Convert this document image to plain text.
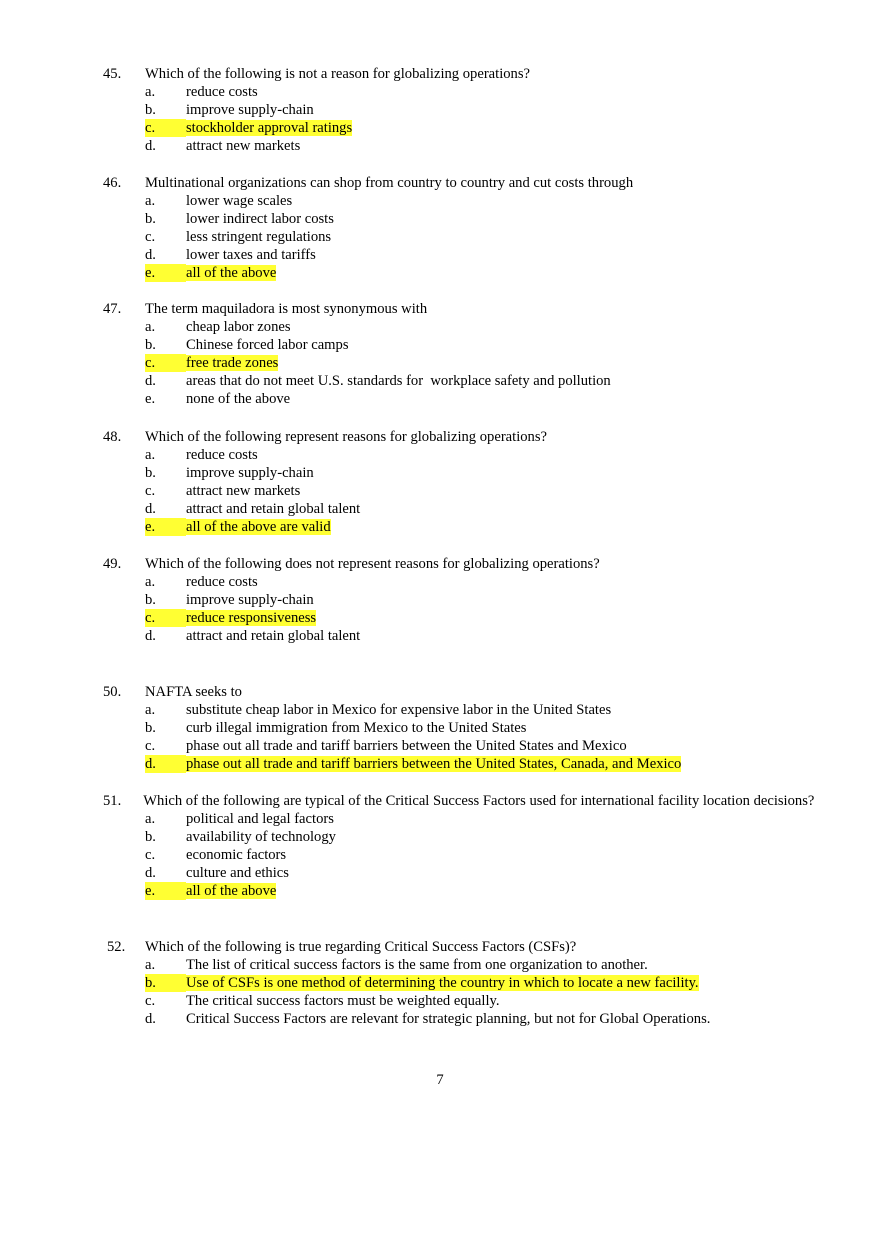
45. Which of the following is not a reason for globalizing operations?
a. reduce costs
b. improve supply-chain
c. stockholder approval ratings
d. attract new markets
46. Multinational organizations can shop from country to country and cut costs through
a. lower wage scales
b. lower indirect labor costs
c. less stringent regulations
d. lower taxes and tariffs
e. all of the above
47. The term maquiladora is most synonymous with
a. cheap labor zones
b. Chinese forced labor camps
c. free trade zones
d. areas that do not meet U.S. standards for  workplace safety and pollution
e. none of the above
48. Which of the following represent reasons for globalizing operations?
a. reduce costs
b. improve supply-chain
c. attract new markets
d. attract and retain global talent
e. all of the above are valid
49. Which of the following does not represent reasons for globalizing operations?
a. reduce costs
b. improve supply-chain
c. reduce responsiveness
d. attract and retain global talent
50. NAFTA seeks to
a. substitute cheap labor in Mexico for expensive labor in the United States
b. curb illegal immigration from Mexico to the United States
c. phase out all trade and tariff barriers between the United States and Mexico
d. phase out all trade and tariff barriers between the United States, Canada, and Mexico
51. Which of the following are typical of the Critical Success Factors used for international facility location decisions?
a. political and legal factors
b. availability of technology
c. economic factors
d. culture and ethics
e. all of the above
52. Which of the following is true regarding Critical Success Factors (CSFs)?
a. The list of critical success factors is the same from one organization to another.
b. Use of CSFs is one method of determining the country in which to locate a new facility.
c. The critical success factors must be weighted equally.
d. Critical Success Factors are relevant for strategic planning, but not for Global Operations.
7
